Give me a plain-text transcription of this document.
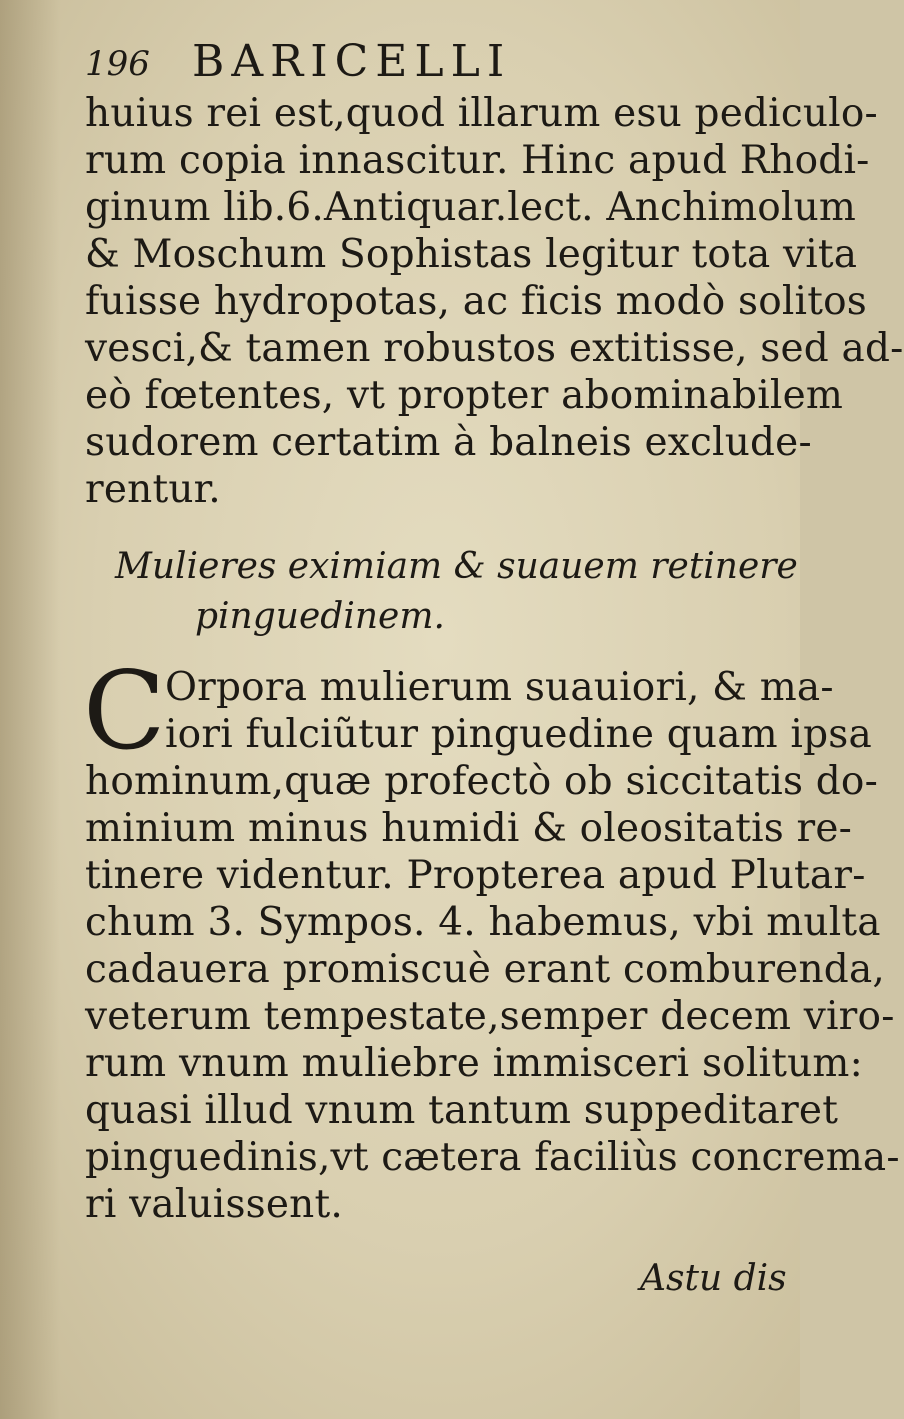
196 BARICELLI
huius rei est,quod illarum esu pediculo-
rum copia innascitur. Hinc apud Rhodi-
ginum lib.6.Antiquar.lect. Anchimolum
& Moschum Sophistas legitur tota vita
fuisse hydropotas, ac ficis modò solitos
vesci,& tamen robustos extitisse, sed ad-
eò fœtentes, vt propter abominabilem
sudorem certatim à balneis exclude-
rentur.
Mulieres eximiam & suauem retinere
pinguedinem.
C Orpora mulierum suauiori, & ma-
iori fulciũtur pinguedine quam ipsa
hominum,quæ profectò ob siccitatis do-
minium minus humidi & oleositatis re-
tinere videntur. Propterea apud Plutar-
chum 3. Sympos. 4. habemus, vbi multa
cadauera promiscuè erant comburenda,
veterum tempestate,semper decem viro-
rum vnum muliebre immisceri solitum:
quasi illud vnum tantum suppeditaret
pinguedinis,vt cætera faciliùs concrema-
ri valuissent.
Astu dis
